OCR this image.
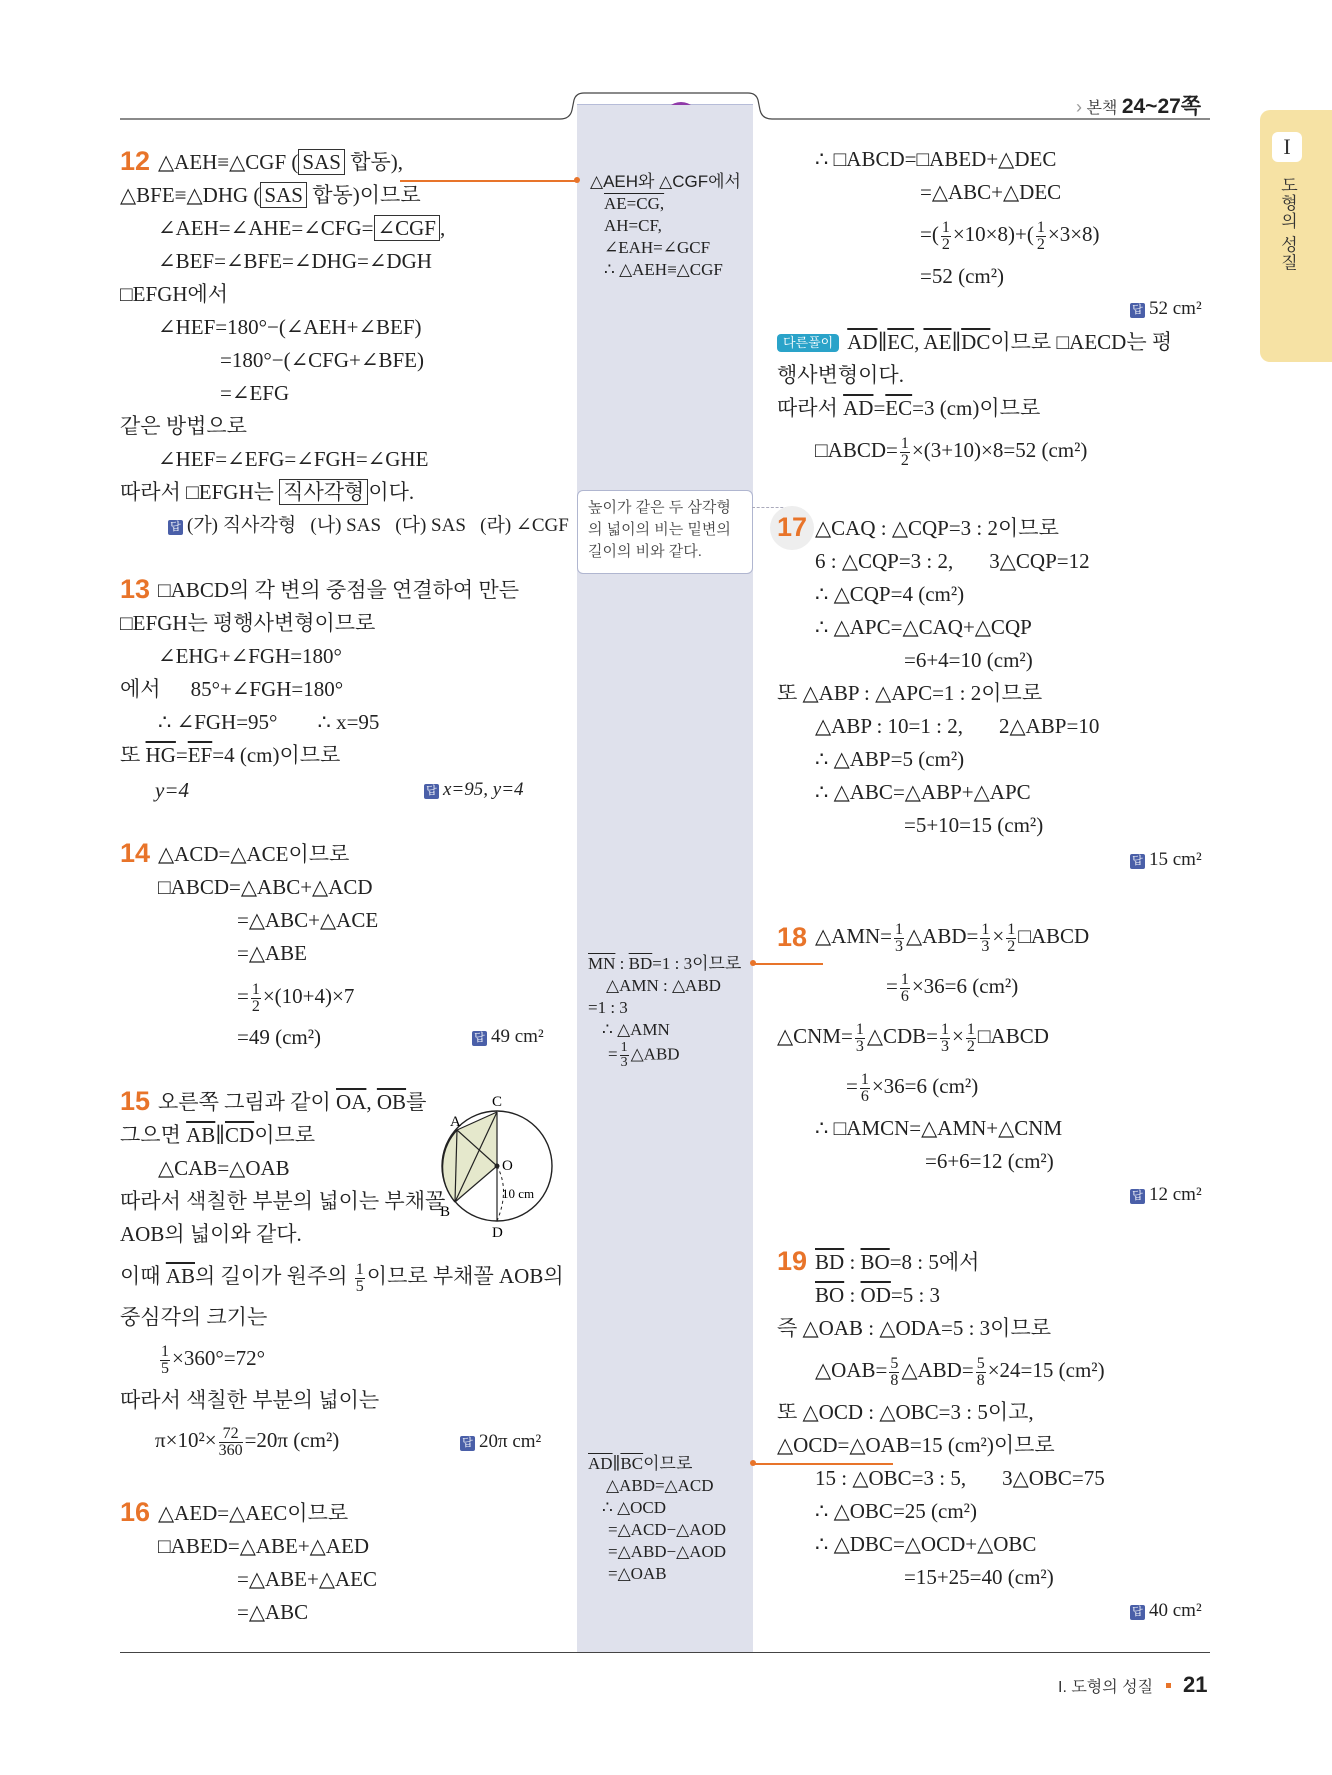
› 본책 24~27쪽
I
도형의 성질
△AEH와 △CGF에서
AE=CG,
AH=CF,
∠EAH=∠GCF
∴ △AEH≡△CGF
높이가 같은 두 삼각형
의 넓이의 비는 밑변의
길이의 비와 같다.
$\overline{MN}$ : $\overline{BD}=1$ : 3이므로
△AMN : △ABD
=1 : 3
∴ △AMN
= $\frac{1}{3}$ △ABD
$\overline{AD}\parallel\overline{BC}$이므로
△ABD=△ACD
∴ △OCD
=△ACD−△AOD
=△ABD−△AOD
=△OAB
12 △AEH≡△CGF ( SAS 합동),
△BFE≡△DHG ( SAS 합동)이므로
∠AEH=∠AHE=∠CFG= ∠CGF ,
∠BEF=∠BFE=∠DHG=∠DGH
□EFGH에서
∠HEF=180°−(∠AEH+∠BEF)
=180°−(∠CFG+∠BFE)
=∠EFG
같은 방법으로
∠HEF=∠EFG=∠FGH=∠GHE
따라서 □EFGH는 직사각형 이다.
답 (가) 직사각형   (나) SAS   (다) SAS   (라) ∠CGF
13 □ABCD의 각 변의 중점을 연결하여 만든
□EFGH는 평행사변형이므로
∠EHG+∠FGH=180°
에서 85°+∠FGH=180°
∴ ∠FGH=95° ∴ x=95
또 $\overline{HG}=\overline{EF}=4$ (cm)이므로
y=4	답 x=95, y=4
14 △ACD=△ACE이므로
□ABCD=△ABC+△ACD
=△ABC+△ACE
=△ABE
= $\frac{1}{2} \times(10+4)\times 7$
=49 (cm²)	답 49 cm²
15 오른쪽 그림과 같이 $\overline{OA}$, $\overline{OB}$를
그으면 $\overline{AB}\parallel\overline{CD}$이므로
△CAB=△OAB
따라서 색칠한 부분의 넓이는 부채꼴
AOB의 넓이와 같다.
이때 $\overline{AB}$의 길이가 원주의 $\frac{1}{5}$ 이므로 부채꼴 AOB의
중심각의 크기는
$\frac{1}{5} \times 360^\circ=72^\circ$
따라서 색칠한 부분의 넓이는
$\pi\times 10^2\times \frac{72}{360} =20\pi$ (cm²)	답 20π cm²
A
B
C
D
O
10 cm
16 △AED=△AEC이므로
□ABED=△ABE+△AED
=△ABE+△AEC
=△ABC
∴ □ABCD=□ABED+△DEC
=△ABC+△DEC
=( $\frac{1}{2} \times 10\times 8)+( \frac{1}{2} \times 3\times 8)$
=52 (cm²)
답 52 cm²
다른풀이 $\overline{AD}\parallel\overline{EC}$, $\overline{AE}\parallel\overline{DC}$이므로 □AECD는 평
행사변형이다.
따라서 $\overline{AD}=\overline{EC}=3$ (cm)이므로
□ABCD= $\frac{1}{2} \times(3+10)\times 8=52$ (cm²)
17 △CAQ : △CQP=3 : 2이므로
6 : △CQP=3 : 2, 3△CQP=12
∴ △CQP=4 (cm²)
∴ △APC=△CAQ+△CQP
=6+4=10 (cm²)
또 △ABP : △APC=1 : 2이므로
△ABP : 10=1 : 2, 2△ABP=10
∴ △ABP=5 (cm²)
∴ △ABC=△ABP+△APC
=5+10=15 (cm²)
답 15 cm²
18 △AMN= $\frac{1}{3}$ △ABD= $\frac{1}{3} \times \frac{1}{2}$ □ABCD
= $\frac{1}{6} \times 36=6$ (cm²)
△CNM= $\frac{1}{3}$ △CDB= $\frac{1}{3} \times \frac{1}{2}$ □ABCD
= $\frac{1}{6} \times 36=6$ (cm²)
∴ □AMCN=△AMN+△CNM
=6+6=12 (cm²)
답 12 cm²
19 $\overline{BD}$ : $\overline{BO}=8$ : 5에서
$\overline{BO}$ : $\overline{OD}=5$ : 3
즉 △OAB : △ODA=5 : 3이므로
△OAB= $\frac{5}{8}$ △ABD= $\frac{5}{8} \times 24=15$ (cm²)
또 △OCD : △OBC=3 : 5이고,
△OCD=△OAB=15 (cm²)이므로
15 : △OBC=3 : 5, 3△OBC=75
∴ △OBC=25 (cm²)
∴ △DBC=△OCD+△OBC
=15+25=40 (cm²)
답 40 cm²
I. 도형의 성질 21
